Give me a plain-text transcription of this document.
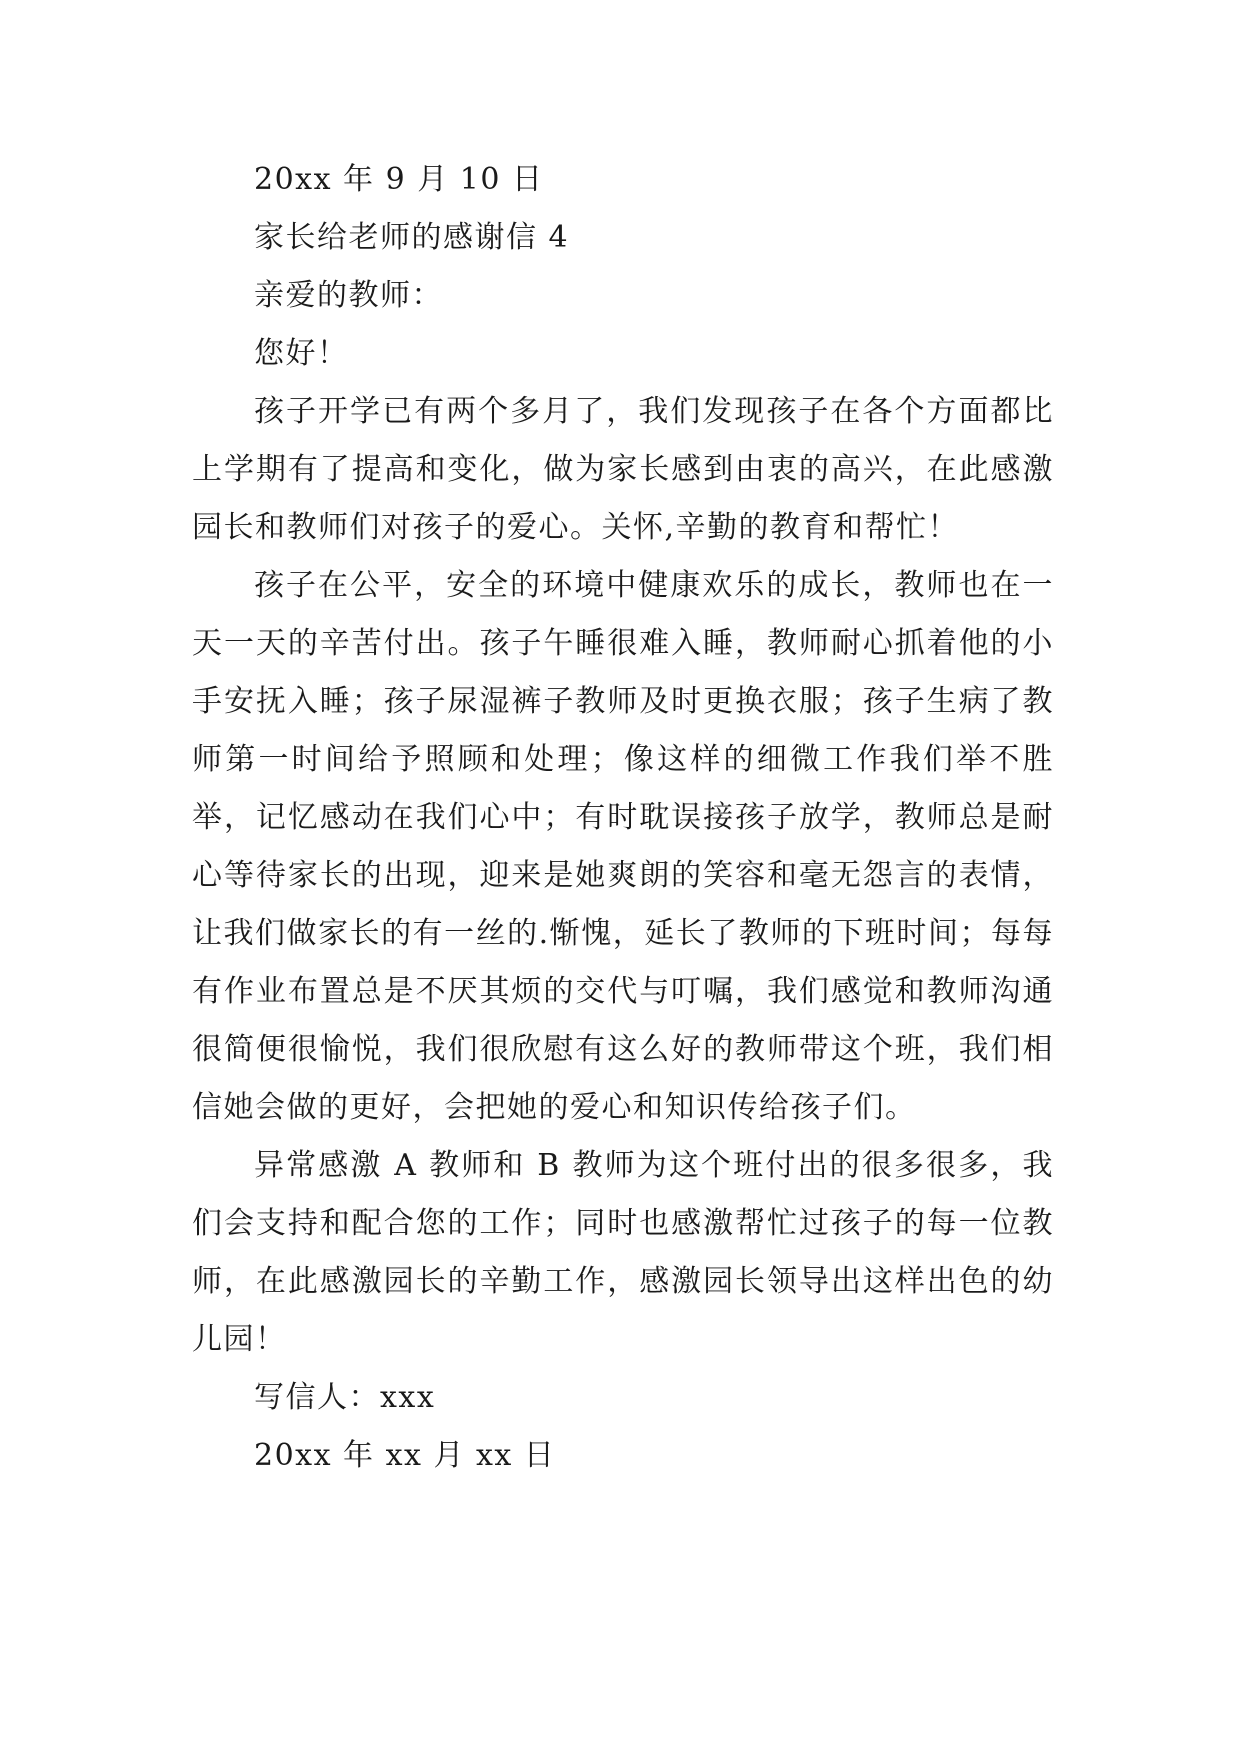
20xx 年 9 月 10 日

家长给老师的感谢信 4

亲爱的教师：

您好！

孩子开学已有两个多月了，我们发现孩子在各个方面都比上学期有了提高和变化，做为家长感到由衷的高兴，在此感激园长和教师们对孩子的爱心。关怀,辛勤的教育和帮忙！

孩子在公平，安全的环境中健康欢乐的成长，教师也在一天一天的辛苦付出。孩子午睡很难入睡，教师耐心抓着他的小手安抚入睡；孩子尿湿裤子教师及时更换衣服；孩子生病了教师第一时间给予照顾和处理；像这样的细微工作我们举不胜举，记忆感动在我们心中；有时耽误接孩子放学，教师总是耐心等待家长的出现，迎来是她爽朗的笑容和毫无怨言的表情，让我们做家长的有一丝的.惭愧，延长了教师的下班时间；每每有作业布置总是不厌其烦的交代与叮嘱，我们感觉和教师沟通很简便很愉悦，我们很欣慰有这么好的教师带这个班，我们相信她会做的更好，会把她的爱心和知识传给孩子们。

异常感激 A 教师和 B 教师为这个班付出的很多很多，我们会支持和配合您的工作；同时也感激帮忙过孩子的每一位教师，在此感激园长的辛勤工作，感激园长领导出这样出色的幼儿园！

写信人：xxx

20xx 年 xx 月 xx 日
